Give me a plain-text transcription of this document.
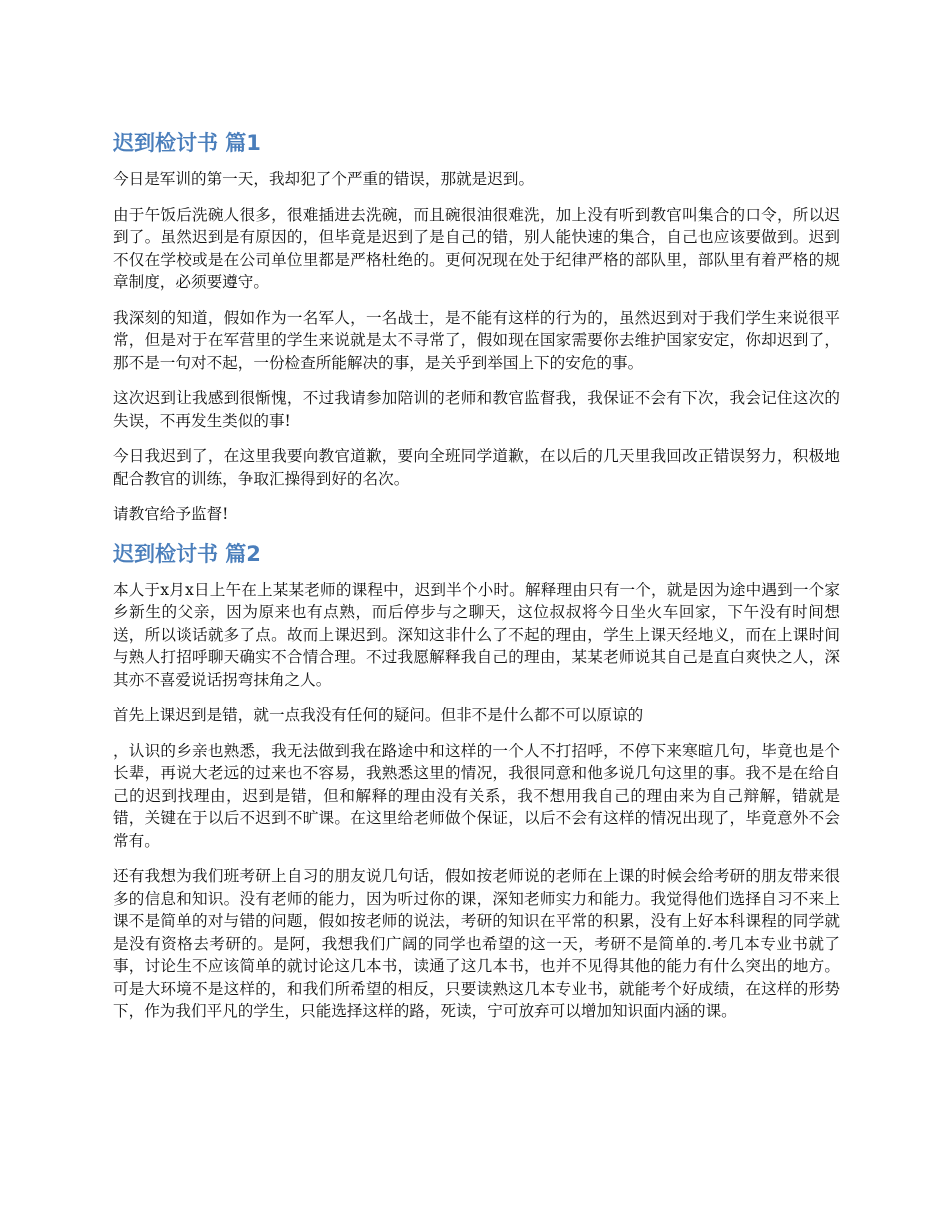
迟到检讨书 篇1

今日是军训的第一天，我却犯了个严重的错误，那就是迟到。

由于午饭后洗碗人很多，很难插进去洗碗，而且碗很油很难洗，加上没有听到教官叫集合的口令，所以迟到了。虽然迟到是有原因的，但毕竟是迟到了是自己的错，别人能快速的集合，自己也应该要做到。迟到不仅在学校或是在公司单位里都是严格杜绝的。更何况现在处于纪律严格的部队里，部队里有着严格的规章制度，必须要遵守。

我深刻的知道，假如作为一名军人，一名战士，是不能有这样的行为的，虽然迟到对于我们学生来说很平常，但是对于在军营里的学生来说就是太不寻常了，假如现在国家需要你去维护国家安定，你却迟到了，那不是一句对不起，一份检查所能解决的事，是关乎到举国上下的安危的事。

这次迟到让我感到很惭愧，不过我请参加陪训的老师和教官监督我，我保证不会有下次，我会记住这次的失误，不再发生类似的事!

今日我迟到了，在这里我要向教官道歉，要向全班同学道歉，在以后的几天里我回改正错误努力，积极地配合教官的训练，争取汇操得到好的名次。

请教官给予监督!

迟到检讨书 篇2

本人于x月x日上午在上某某老师的课程中，迟到半个小时。解释理由只有一个，就是因为途中遇到一个家乡新生的父亲，因为原来也有点熟，而后停步与之聊天，这位叔叔将今日坐火车回家，下午没有时间想送，所以谈话就多了点。故而上课迟到。深知这非什么了不起的理由，学生上课天经地义，而在上课时间与熟人打招呼聊天确实不合情合理。不过我愿解释我自己的理由，某某老师说其自己是直白爽快之人，深其亦不喜爱说话拐弯抹角之人。

首先上课迟到是错，就一点我没有任何的疑问。但非不是什么都不可以原谅的

，认识的乡亲也熟悉，我无法做到我在路途中和这样的一个人不打招呼，不停下来寒暄几句，毕竟也是个长辈，再说大老远的过来也不容易，我熟悉这里的情况，我很同意和他多说几句这里的事。我不是在给自己的迟到找理由，迟到是错，但和解释的理由没有关系，我不想用我自己的理由来为自己辩解，错就是错，关键在于以后不迟到不旷课。在这里给老师做个保证，以后不会有这样的情况出现了，毕竟意外不会常有。

还有我想为我们班考研上自习的朋友说几句话，假如按老师说的老师在上课的时候会给考研的朋友带来很多的信息和知识。没有老师的能力，因为听过你的课，深知老师实力和能力。我觉得他们选择自习不来上课不是简单的对与错的问题，假如按老师的说法，考研的知识在平常的积累，没有上好本科课程的同学就是没有资格去考研的。是阿，我想我们广阔的同学也希望的这一天，考研不是简单的.考几本专业书就了事，讨论生不应该简单的就讨论这几本书，读通了这几本书，也并不见得其他的能力有什么突出的地方。可是大环境不是这样的，和我们所希望的相反，只要读熟这几本专业书，就能考个好成绩，在这样的形势下，作为我们平凡的学生，只能选择这样的路，死读，宁可放弃可以增加知识面内涵的课。
